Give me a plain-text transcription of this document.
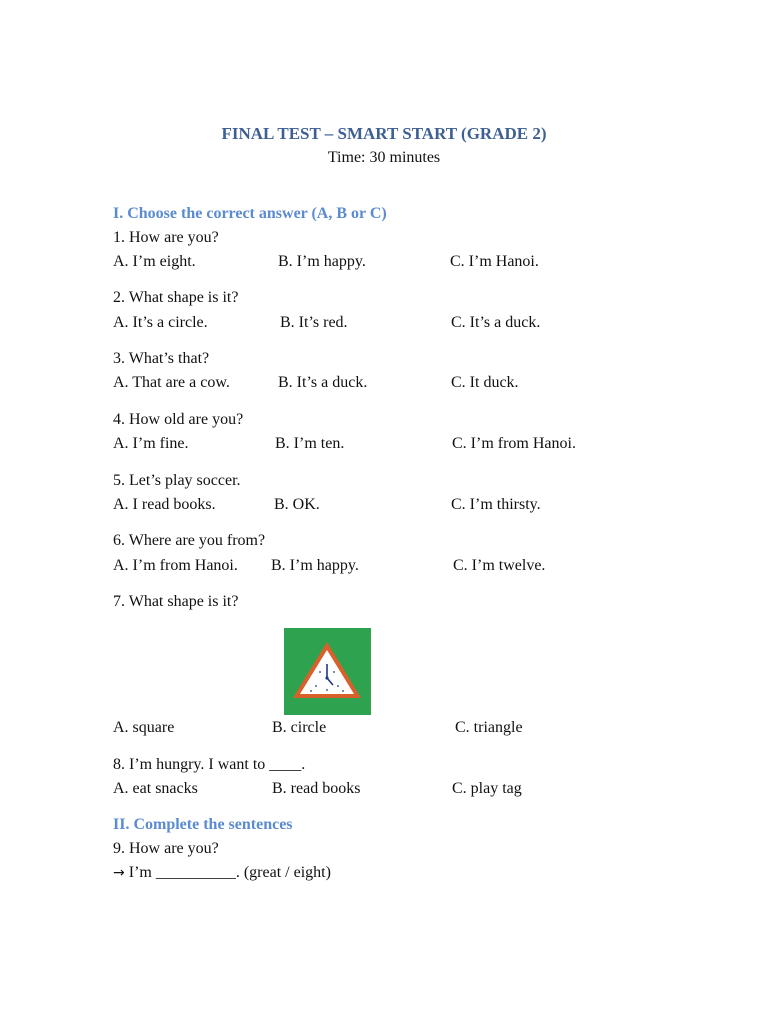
FINAL TEST – SMART START (GRADE 2)
Time: 30 minutes
I. Choose the correct answer (A, B or C)
1. How are you?
A. I’m eight.	B. I’m happy.	C. I’m Hanoi.
2. What shape is it?
A. It’s a circle.	B. It’s red.	C. It’s a duck.
3. What’s that?
A. That are a cow.	B. It’s a duck.	C. It duck.
4. How old are you?
A. I’m fine.	B. I’m ten.	C. I’m from Hanoi.
5. Let’s play soccer.
A. I read books.	B. OK.	C. I’m thirsty.
6. Where are you from?
A. I’m from Hanoi. B. I’m happy.	C. I’m twelve.
7. What shape is it?
A. square	B. circle	C. triangle
8. I’m hungry. I want to ____.
A. eat snacks	B. read books	C. play tag
II. Complete the sentences
9. How are you?
→ I’m __________. (great / eight)
